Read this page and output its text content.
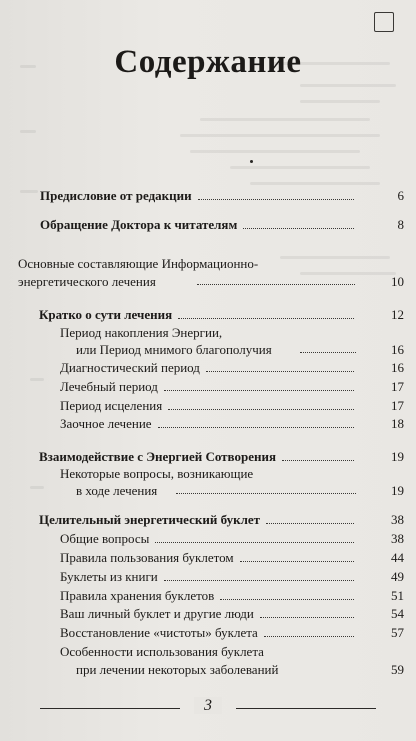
Содержание
Предисловие от редакции	6
Обращение Доктора к читателям	8
Основные составляющие Информационно-
энергетического лечения	10
Кратко о сути лечения	12
Период накопления Энергии,
или Период мнимого благополучия	16
Диагностический период	16
Лечебный период	17
Период исцеления	17
Заочное лечение	18
Взаимодействие с Энергией Сотворения	19
Некоторые вопросы, возникающие
в ходе лечения	19
Целительный энергетический буклет	38
Общие вопросы	38
Правила пользования буклетом	44
Буклеты из книги	49
Правила хранения буклетов	51
Ваш личный буклет и другие люди	54
Восстановление «чистоты» буклета	57
Особенности использования буклета
при лечении некоторых заболеваний	59
3
